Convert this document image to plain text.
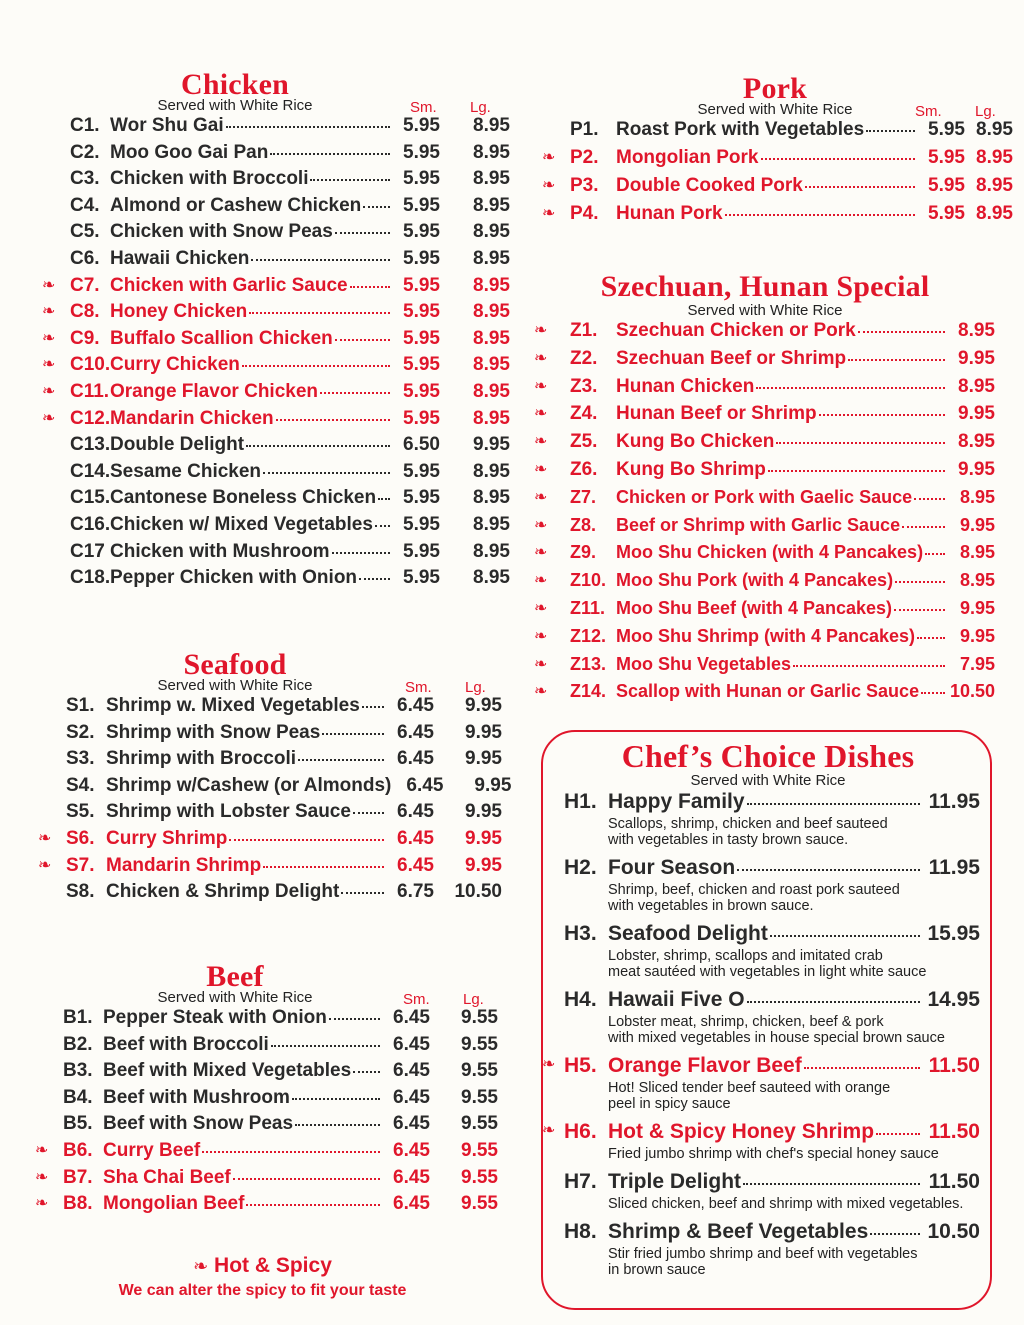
Chicken
Served with White Rice	Sm. Lg.
C1. Wor Shu Gai	5.95	8.95
C2. Moo Goo Gai Pan	5.95	8.95
C3. Chicken with Broccoli	5.95	8.95
C4. Almond or Cashew Chicken	5.95	8.95
C5. Chicken with Snow Peas	5.95	8.95
C6. Hawaii Chicken	5.95	8.95
❧ C7. Chicken with Garlic Sauce	5.95	8.95
❧ C8. Honey Chicken	5.95	8.95
❧ C9. Buffalo Scallion Chicken	5.95	8.95
❧ C10. Curry Chicken	5.95	8.95
❧ C11. Orange Flavor Chicken	5.95	8.95
❧ C12. Mandarin Chicken	5.95	8.95
C13. Double Delight	6.50	9.95
C14. Sesame Chicken	5.95	8.95
C15. Cantonese Boneless Chicken	5.95	8.95
C16. Chicken w/ Mixed Vegetables	5.95	8.95
C17 Chicken with Mushroom	5.95	8.95
C18. Pepper Chicken with Onion	5.95	8.95
Seafood
Served with White Rice	Sm. Lg.
S1. Shrimp w. Mixed Vegetables	6.45	9.95
S2. Shrimp with Snow Peas	6.45	9.95
S3. Shrimp with Broccoli	6.45	9.95
S4. Shrimp w/Cashew (or Almonds) 6.45	9.95
S5. Shrimp with Lobster Sauce	6.45	9.95
❧ S6. Curry Shrimp	6.45	9.95
❧ S7. Mandarin Shrimp	6.45	9.95
S8. Chicken & Shrimp Delight	6.75	10.50
Beef
Served with White Rice	Sm. Lg.
B1. Pepper Steak with Onion	6.45	9.55
B2. Beef with Broccoli	6.45	9.55
B3. Beef with Mixed Vegetables	6.45	9.55
B4. Beef with Mushroom	6.45	9.55
B5. Beef with Snow Peas	6.45	9.55
❧ B6. Curry Beef	6.45	9.55
❧ B7. Sha Chai Beef	6.45	9.55
❧ B8. Mongolian Beef	6.45	9.55
❧ Hot & Spicy
We can alter the spicy to fit your taste
Pork
Served with White Rice	Sm. Lg.
P1. Roast Pork with Vegetables	5.95 8.95
❧ P2. Mongolian Pork	5.95 8.95
❧ P3. Double Cooked Pork	5.95 8.95
❧ P4. Hunan Pork	5.95 8.95
Szechuan, Hunan Special
Served with White Rice
❧ Z1. Szechuan Chicken or Pork	8.95
❧ Z2. Szechuan Beef or Shrimp	9.95
❧ Z3. Hunan Chicken	8.95
❧ Z4. Hunan Beef or Shrimp	9.95
❧ Z5. Kung Bo Chicken	8.95
❧ Z6. Kung Bo Shrimp	9.95
❧ Z7.	Chicken or Pork with Gaelic Sauce	8.95
❧ Z8.	Beef or Shrimp with Garlic Sauce	9.95
❧ Z9.	Moo Shu Chicken (with 4 Pancakes)	8.95
❧ Z10. Moo Shu Pork (with 4 Pancakes)	8.95
❧ Z11. Moo Shu Beef (with 4 Pancakes)	9.95
❧ Z12. Moo Shu Shrimp (with 4 Pancakes)	9.95
❧ Z13. Moo Shu Vegetables	7.95
❧ Z14. Scallop with Hunan or Garlic Sauce 10.50
Chef’s Choice Dishes
Served with White Rice
H1. Happy Family	11.95
Scallops, shrimp, chicken and beef sauteed
with vegetables in tasty brown sauce.
H2. Four Season	11.95
Shrimp, beef, chicken and roast pork sauteed
with vegetables in brown sauce.
H3. Seafood Delight	15.95
Lobster, shrimp, scallops and imitated crab
meat sautéed with vegetables in light white sauce
H4. Hawaii Five O	14.95
Lobster meat, shrimp, chicken, beef & pork
with mixed vegetables in house special brown sauce
❧ H5. Orange Flavor Beef	11.50
Hot! Sliced tender beef sauteed with orange
peel in spicy sauce
❧ H6. Hot & Spicy Honey Shrimp	11.50
Fried jumbo shrimp with chef's special honey sauce
H7. Triple Delight	11.50
Sliced chicken, beef and shrimp with mixed vegetables.
H8. Shrimp & Beef Vegetables	10.50
Stir fried jumbo shrimp and beef with vegetables
in brown sauce
